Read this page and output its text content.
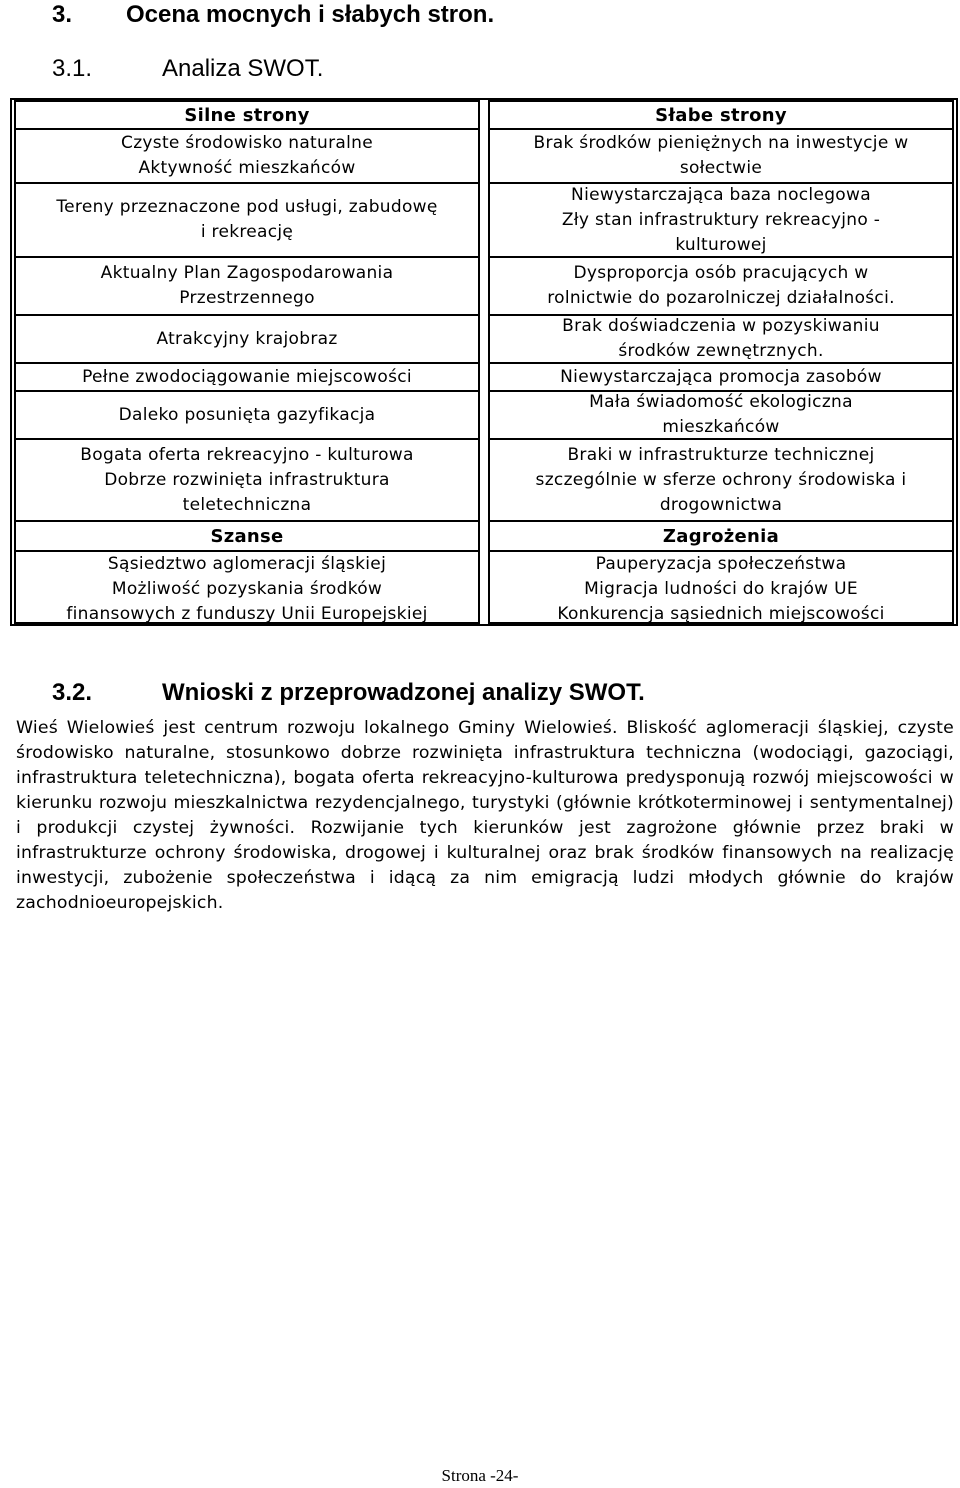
3. Ocena mocnych i słabych stron.
3.1.	Analiza SWOT.
Silne strony
Czyste środowisko naturalne
Aktywność mieszkańców
Tereny przeznaczone pod usługi, zabudowę
i rekreację
Aktualny Plan Zagospodarowania
Przestrzennego
Atrakcyjny krajobraz
Pełne zwodociągowanie miejscowości
Daleko posunięta gazyfikacja
Bogata oferta rekreacyjno - kulturowa
Dobrze rozwinięta infrastruktura
teletechniczna
Szanse
Sąsiedztwo aglomeracji śląskiej
Możliwość pozyskania środków
finansowych z funduszy Unii Europejskiej
Słabe strony
Brak środków pieniężnych na inwestycje w
sołectwie
Niewystarczająca baza noclegowa
Zły stan infrastruktury rekreacyjno -
kulturowej
Dysproporcja osób pracujących w
rolnictwie do pozarolniczej działalności.
Brak doświadczenia w pozyskiwaniu
środków zewnętrznych.
Niewystarczająca promocja zasobów
Mała świadomość ekologiczna
mieszkańców
Braki w infrastrukturze technicznej
szczególnie w sferze ochrony środowiska i
drogownictwa
Zagrożenia
Pauperyzacja społeczeństwa
Migracja ludności do krajów UE
Konkurencja sąsiednich miejscowości
3.2.	Wnioski z przeprowadzonej analizy SWOT.
Wieś Wielowieś jest centrum rozwoju lokalnego Gminy Wielowieś. Bliskość aglomeracji śląskiej, czyste środowisko naturalne, stosunkowo dobrze rozwinięta infrastruktura techniczna (wodociągi, gazociągi, infrastruktura teletechniczna), bogata oferta rekreacyjno-kulturowa predysponują rozwój miejscowości w kierunku rozwoju mieszkalnictwa rezydencjalnego, turystyki (głównie krótkoterminowej i sentymentalnej) i produkcji czystej żywności. Rozwijanie tych kierunków jest zagrożone głównie przez braki w infrastrukturze ochrony środowiska, drogowej i kulturalnej oraz brak środków finansowych na realizację inwestycji, zubożenie społeczeństwa i idącą za nim emigracją ludzi młodych głównie do krajów zachodnioeuropejskich.
Strona -24-
